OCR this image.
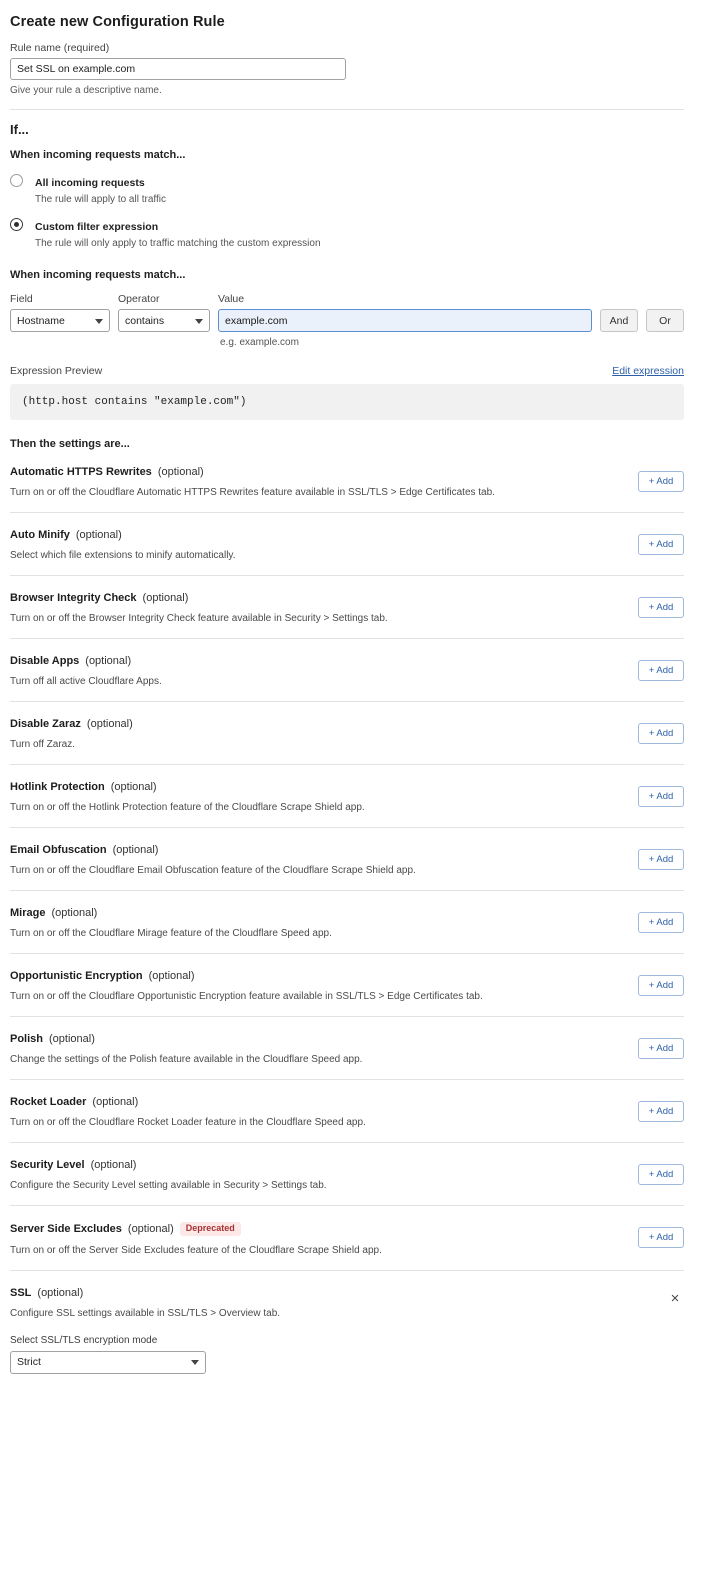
Create new Configuration Rule
Rule name (required)
Set SSL on example.com
Give your rule a descriptive name.
If...
When incoming requests match...
All incoming requests
The rule will apply to all traffic
Custom filter expression
The rule will only apply to traffic matching the custom expression
When incoming requests match...
Field
Hostname
Operator
contains
Value
example.com
And	Or
e.g. example.com
Expression Preview	Edit expression
(http.host contains "example.com")
Then the settings are...
Automatic HTTPS Rewrites (optional)
Turn on or off the Cloudflare Automatic HTTPS Rewrites feature available in SSL/TLS > Edge Certificates tab.
+ Add
Auto Minify (optional)
Select which file extensions to minify automatically.
+ Add
Browser Integrity Check (optional)
Turn on or off the Browser Integrity Check feature available in Security > Settings tab.
+ Add
Disable Apps (optional)
Turn off all active Cloudflare Apps.
+ Add
Disable Zaraz (optional)
Turn off Zaraz.
+ Add
Hotlink Protection (optional)
Turn on or off the Hotlink Protection feature of the Cloudflare Scrape Shield app.
+ Add
Email Obfuscation (optional)
Turn on or off the Cloudflare Email Obfuscation feature of the Cloudflare Scrape Shield app.
+ Add
Mirage (optional)
Turn on or off the Cloudflare Mirage feature of the Cloudflare Speed app.
+ Add
Opportunistic Encryption (optional)
Turn on or off the Cloudflare Opportunistic Encryption feature available in SSL/TLS > Edge Certificates tab.
+ Add
Polish (optional)
Change the settings of the Polish feature available in the Cloudflare Speed app.
+ Add
Rocket Loader (optional)
Turn on or off the Cloudflare Rocket Loader feature in the Cloudflare Speed app.
+ Add
Security Level (optional)
Configure the Security Level setting available in Security > Settings tab.
+ Add
Server Side Excludes (optional)	Deprecated
Turn on or off the Server Side Excludes feature of the Cloudflare Scrape Shield app.
+ Add
SSL (optional)
Configure SSL settings available in SSL/TLS > Overview tab.
×
Select SSL/TLS encryption mode
Strict
